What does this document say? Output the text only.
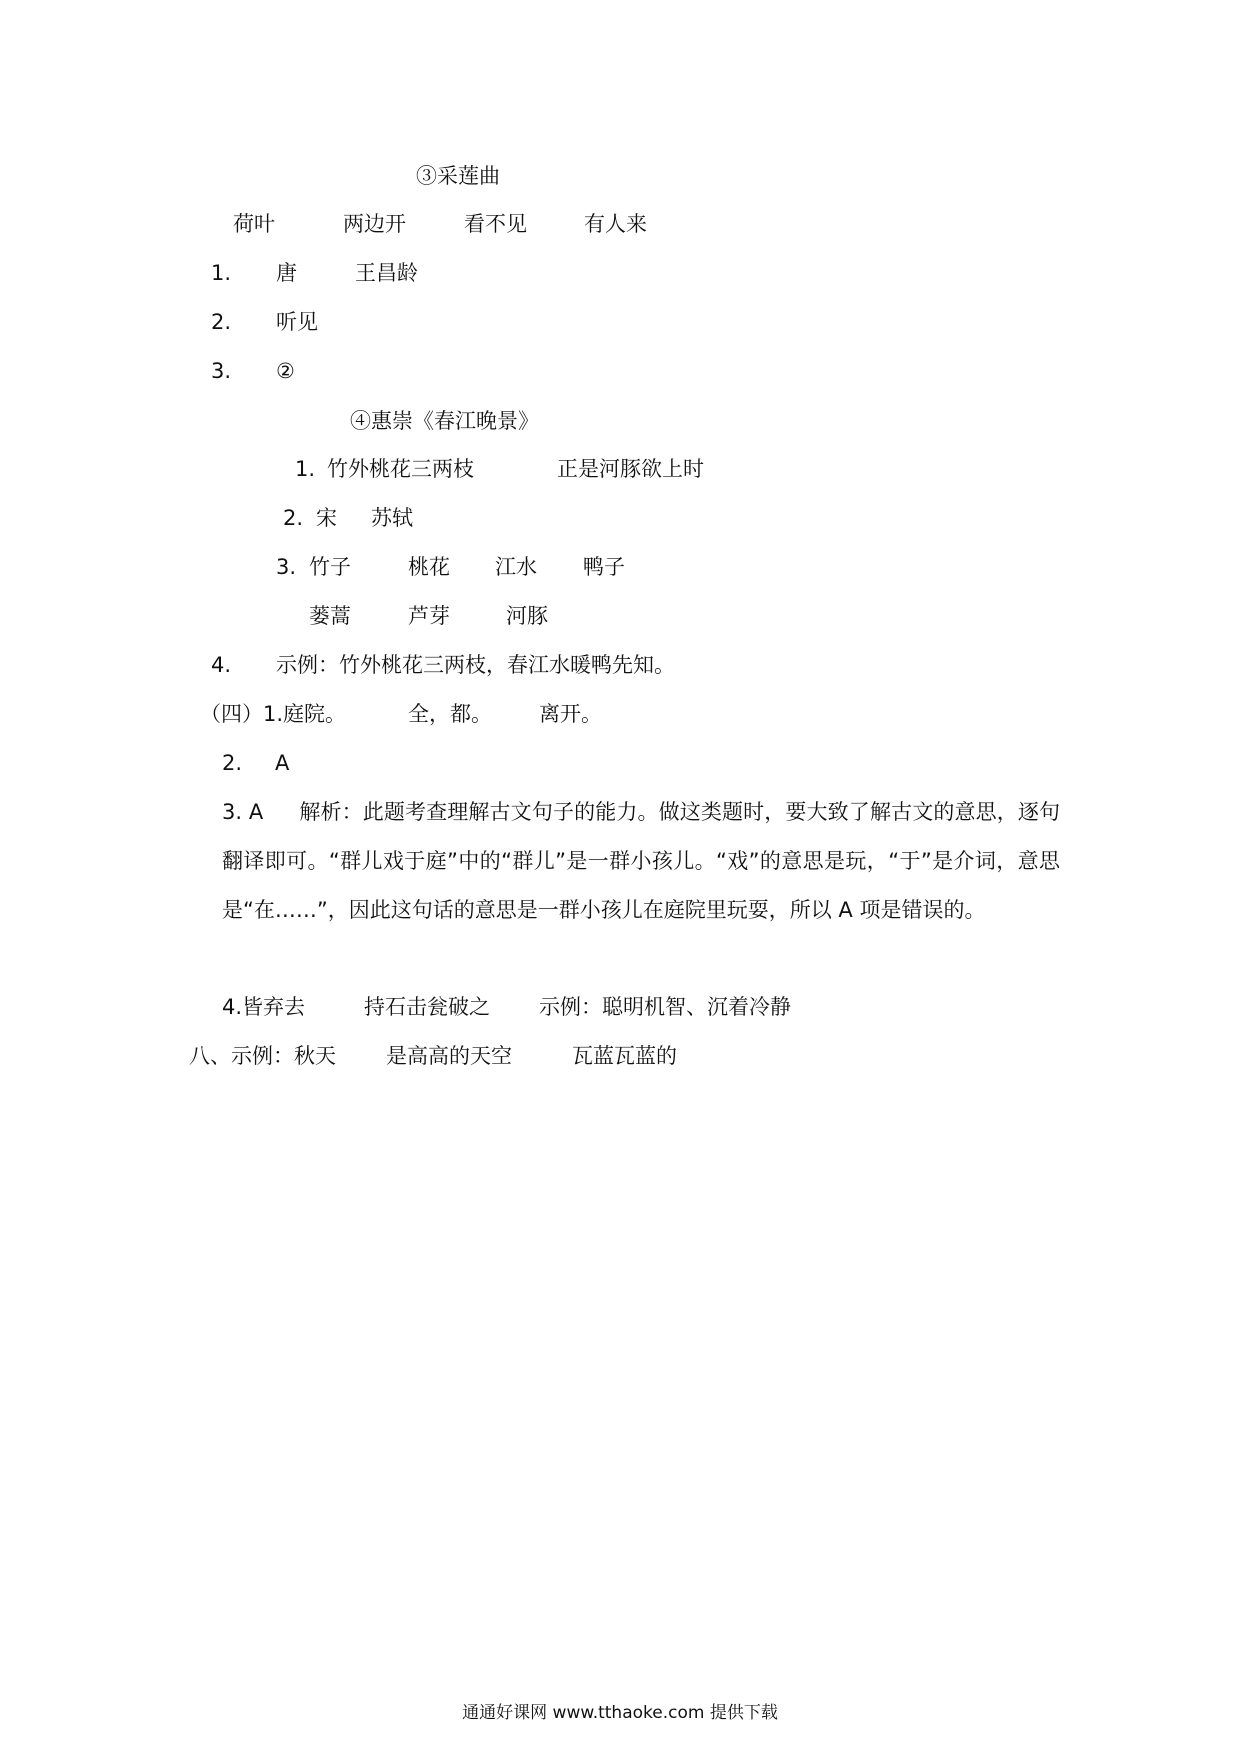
③采莲曲
荷叶	两边开	看不见	有人来
1. 唐	王昌龄
2. 听见
3. ②
④惠崇《春江晚景》
1. 竹外桃花三两枝	正是河豚欲上时
2. 宋 苏轼
3. 竹子	桃花 江水 鸭子
蒌蒿	芦芽	河豚
4. 示例：竹外桃花三两枝，春江水暖鸭先知。
（四）1.庭院。	全，都。 离开。
2. A
3. A 解析：此题考查理解古文句子的能力。做这类题时，要大致了解古文的意思，逐句翻译即可。“群儿戏于庭”中的“群儿”是一群小孩儿。“戏”的意思是玩，“于”是介词，意思是“在……”，因此这句话的意思是一群小孩儿在庭院里玩耍，所以 A 项是错误的。
4.皆弃去	持石击瓮破之 示例：聪明机智、沉着冷静
八、示例：秋天 是高高的天空	瓦蓝瓦蓝的
通通好课网 www.tthaoke.com 提供下载
